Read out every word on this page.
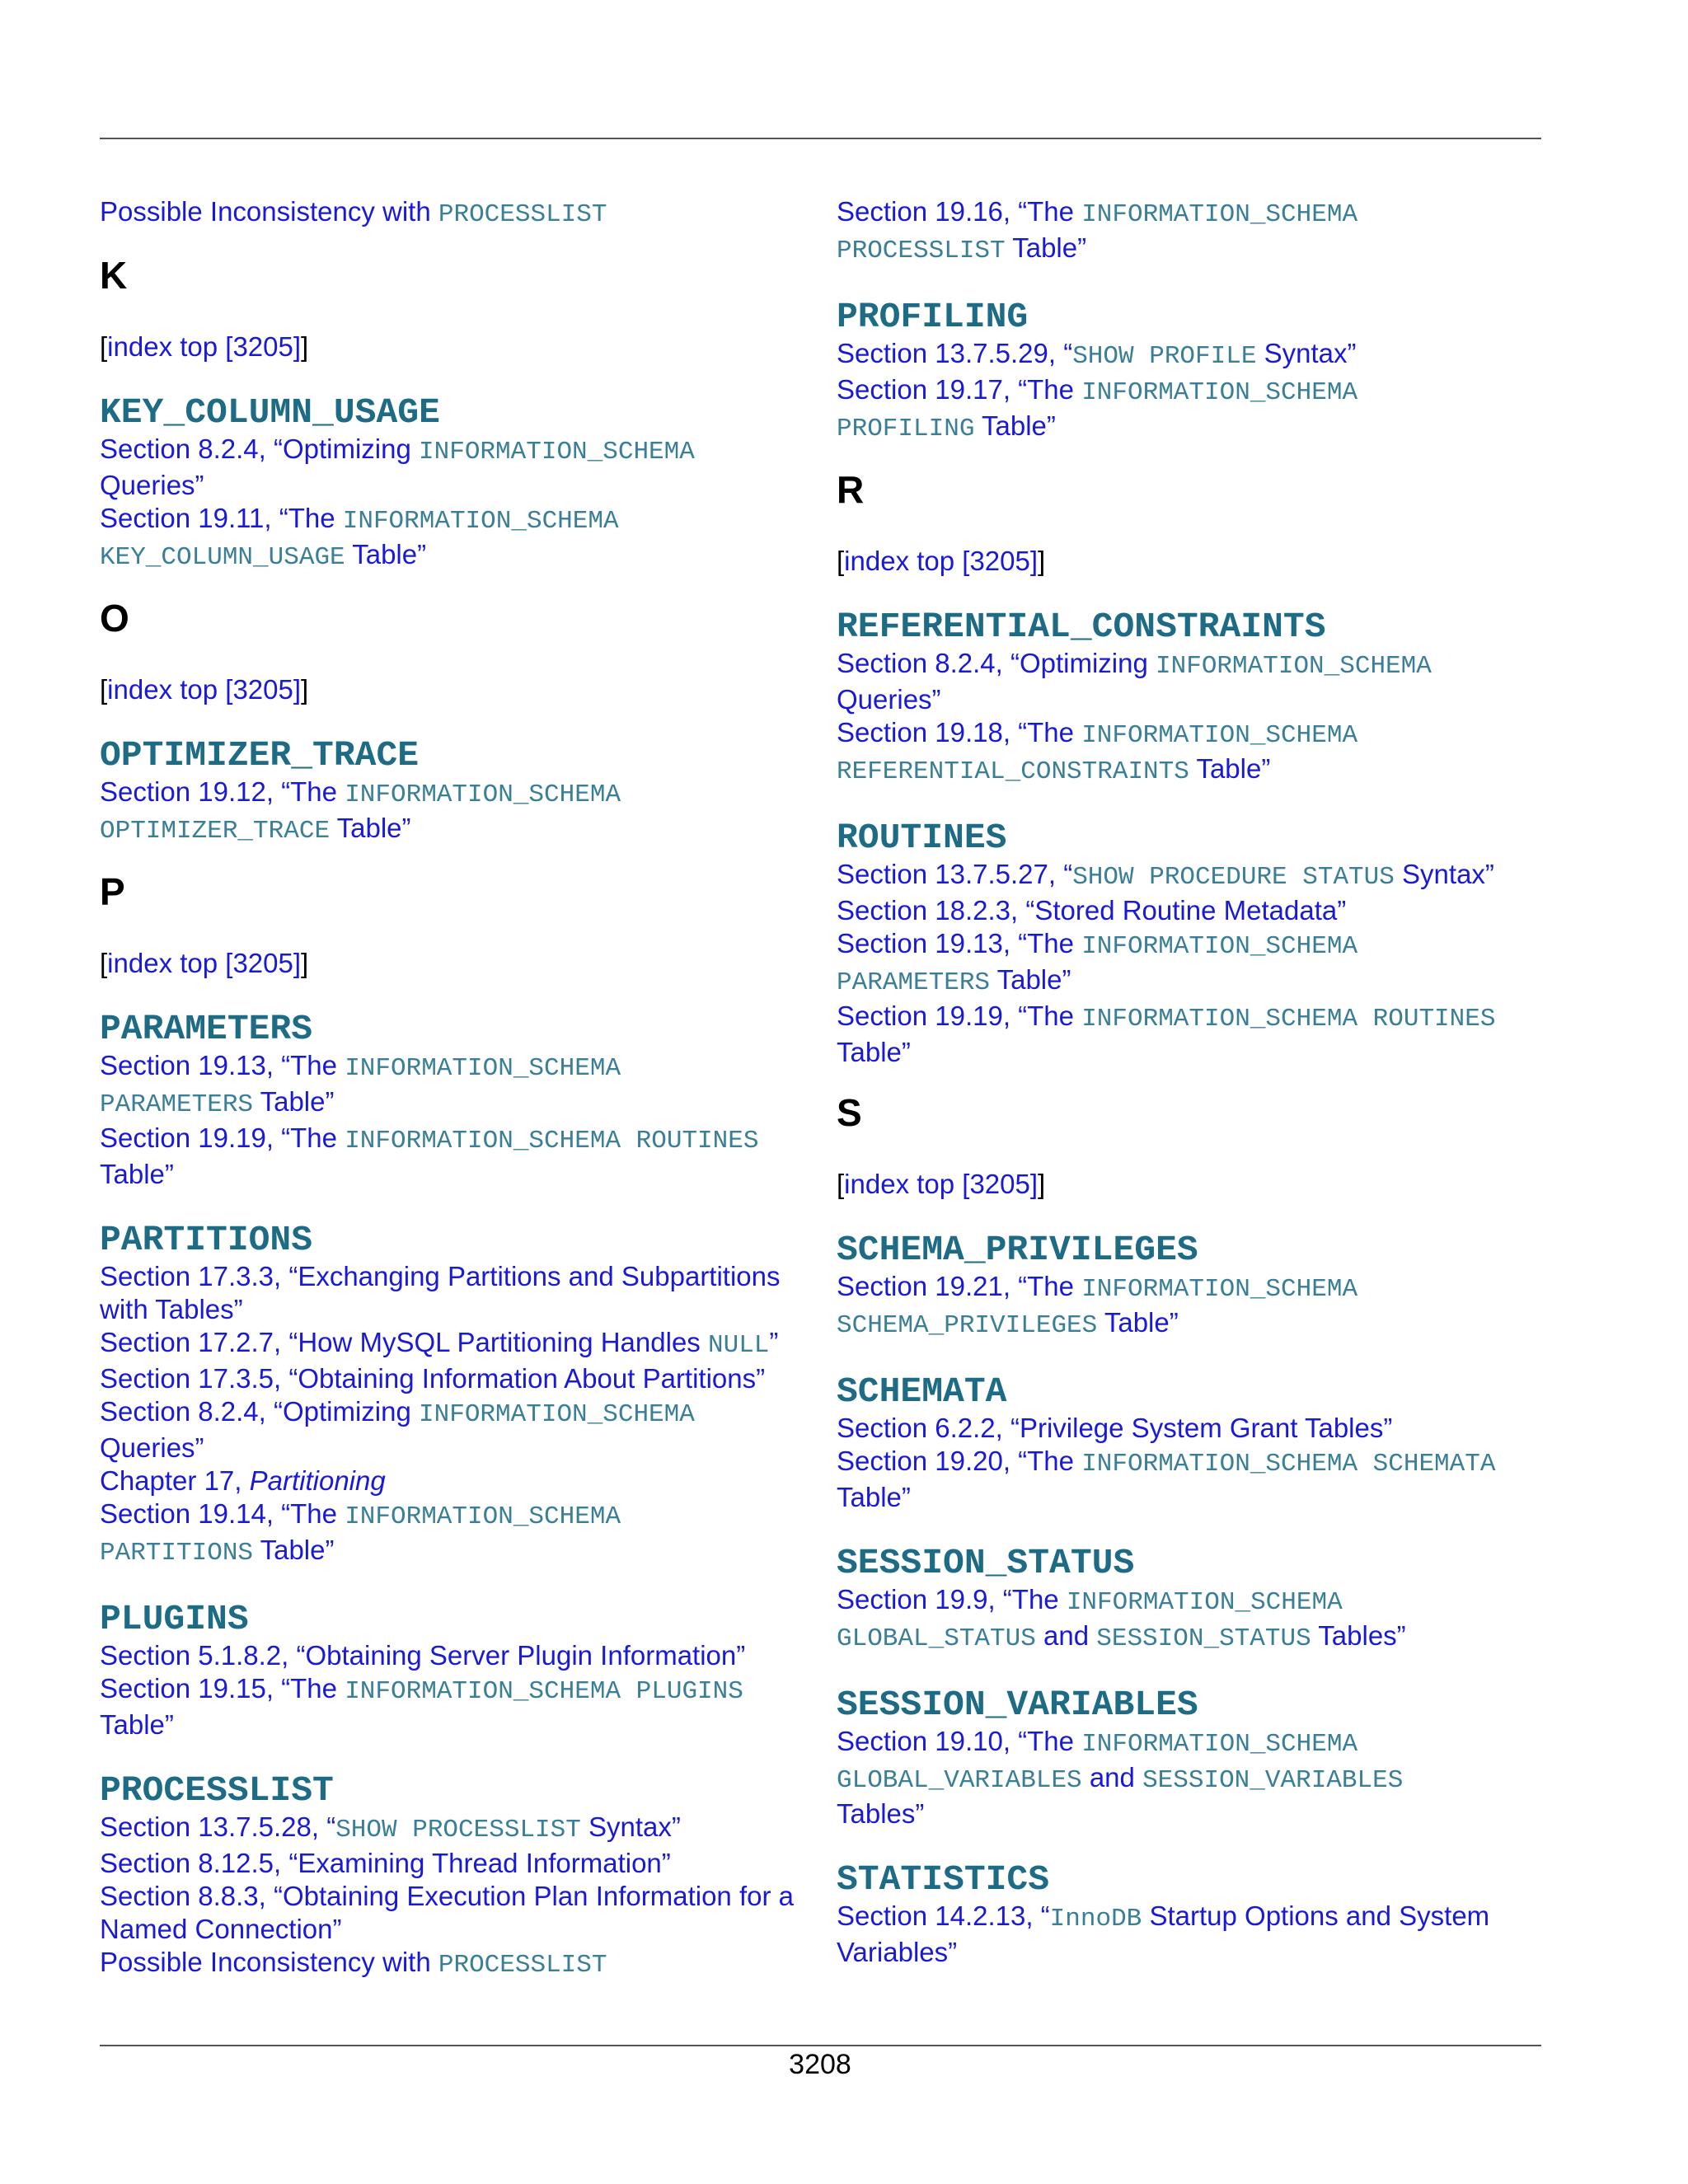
Possible Inconsistency with PROCESSLIST
K
[index top [3205]]
KEY_COLUMN_USAGE
Section 8.2.4, “Optimizing INFORMATION_SCHEMA
Queries”
Section 19.11, “The INFORMATION_SCHEMA
KEY_COLUMN_USAGE Table”
O
[index top [3205]]
OPTIMIZER_TRACE
Section 19.12, “The INFORMATION_SCHEMA
OPTIMIZER_TRACE Table”
P
[index top [3205]]
PARAMETERS
Section 19.13, “The INFORMATION_SCHEMA
PARAMETERS Table”
Section 19.19, “The INFORMATION_SCHEMA ROUTINES
Table”
PARTITIONS
Section 17.3.3, “Exchanging Partitions and Subpartitions with Tables”
Section 17.2.7, “How MySQL Partitioning Handles NULL”
Section 17.3.5, “Obtaining Information About Partitions”
Section 8.2.4, “Optimizing INFORMATION_SCHEMA
Queries”
Chapter 17, Partitioning
Section 19.14, “The INFORMATION_SCHEMA
PARTITIONS Table”
PLUGINS
Section 5.1.8.2, “Obtaining Server Plugin Information”
Section 19.15, “The INFORMATION_SCHEMA PLUGINS
Table”
PROCESSLIST
Section 13.7.5.28, “SHOW PROCESSLIST Syntax”
Section 8.12.5, “Examining Thread Information”
Section 8.8.3, “Obtaining Execution Plan Information for a Named Connection”
Possible Inconsistency with PROCESSLIST
Section 19.16, “The INFORMATION_SCHEMA
PROCESSLIST Table”
PROFILING
Section 13.7.5.29, “SHOW PROFILE Syntax”
Section 19.17, “The INFORMATION_SCHEMA
PROFILING Table”
R
[index top [3205]]
REFERENTIAL_CONSTRAINTS
Section 8.2.4, “Optimizing INFORMATION_SCHEMA
Queries”
Section 19.18, “The INFORMATION_SCHEMA
REFERENTIAL_CONSTRAINTS Table”
ROUTINES
Section 13.7.5.27, “SHOW PROCEDURE STATUS Syntax”
Section 18.2.3, “Stored Routine Metadata”
Section 19.13, “The INFORMATION_SCHEMA
PARAMETERS Table”
Section 19.19, “The INFORMATION_SCHEMA ROUTINES
Table”
S
[index top [3205]]
SCHEMA_PRIVILEGES
Section 19.21, “The INFORMATION_SCHEMA
SCHEMA_PRIVILEGES Table”
SCHEMATA
Section 6.2.2, “Privilege System Grant Tables”
Section 19.20, “The INFORMATION_SCHEMA SCHEMATA
Table”
SESSION_STATUS
Section 19.9, “The INFORMATION_SCHEMA
GLOBAL_STATUS and SESSION_STATUS Tables”
SESSION_VARIABLES
Section 19.10, “The INFORMATION_SCHEMA
GLOBAL_VARIABLES and SESSION_VARIABLES
Tables”
STATISTICS
Section 14.2.13, “InnoDB Startup Options and System Variables”
3208
